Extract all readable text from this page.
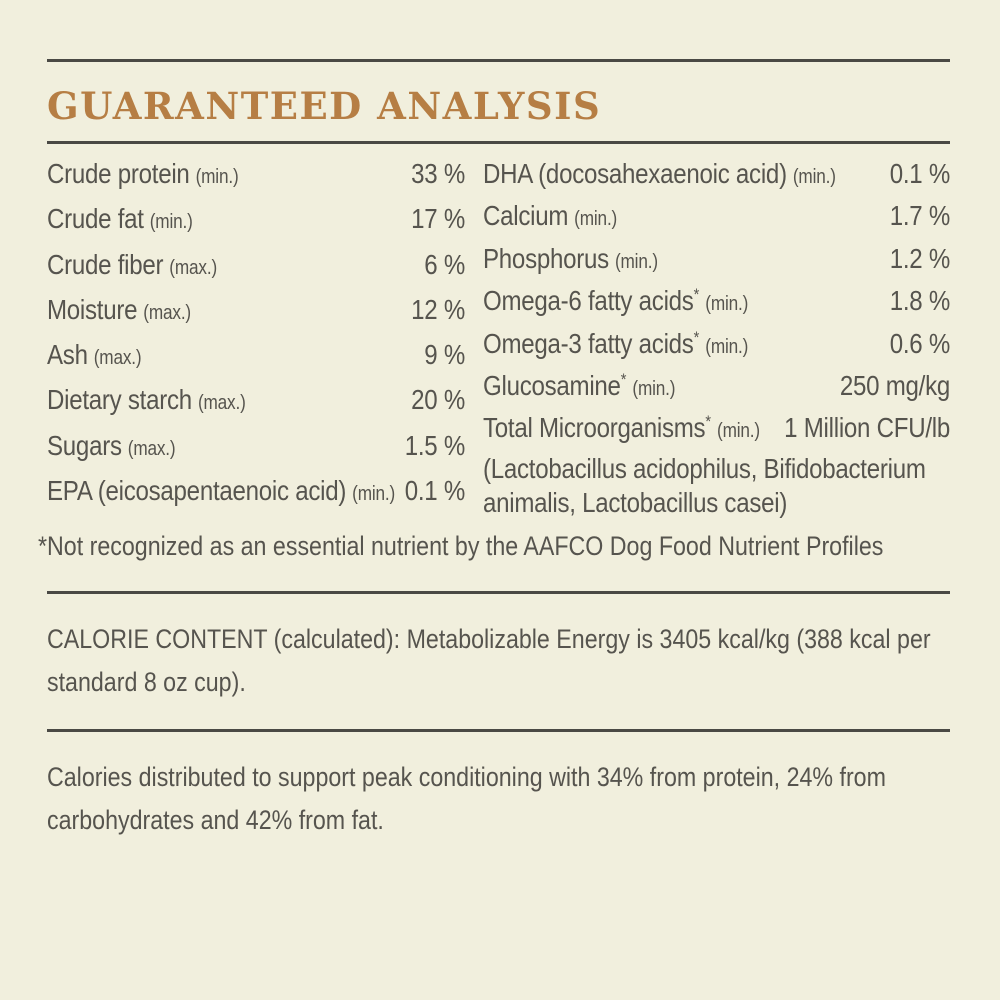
GUARANTEED ANALYSIS
Crude protein (min.)	33 %
Crude fat (min.)	17 %
Crude fiber (max.)	6 %
Moisture (max.)	12 %
Ash (max.)	9 %
Dietary starch (max.)	20 %
Sugars (max.)	1.5 %
EPA (eicosapentaenoic acid) (min.) 0.1 %
DHA (docosahexaenoic acid) (min.) 0.1 %
Calcium (min.)	1.7 %
Phosphorus (min.)	1.2 %
Omega-6 fatty acids* (min.)	1.8 %
Omega-3 fatty acids* (min.)	0.6 %
Glucosamine* (min.)	250 mg/kg
Total Microorganisms* (min.) 1 Million CFU/lb
(Lactobacillus acidophilus, Bifidobacterium
animalis, Lactobacillus casei)
*Not recognized as an essential nutrient by the AAFCO Dog Food Nutrient Profiles
CALORIE CONTENT (calculated): Metabolizable Energy is 3405 kcal/kg (388 kcal per
standard 8 oz cup).
Calories distributed to support peak conditioning with 34% from protein, 24% from
carbohydrates and 42% from fat.
